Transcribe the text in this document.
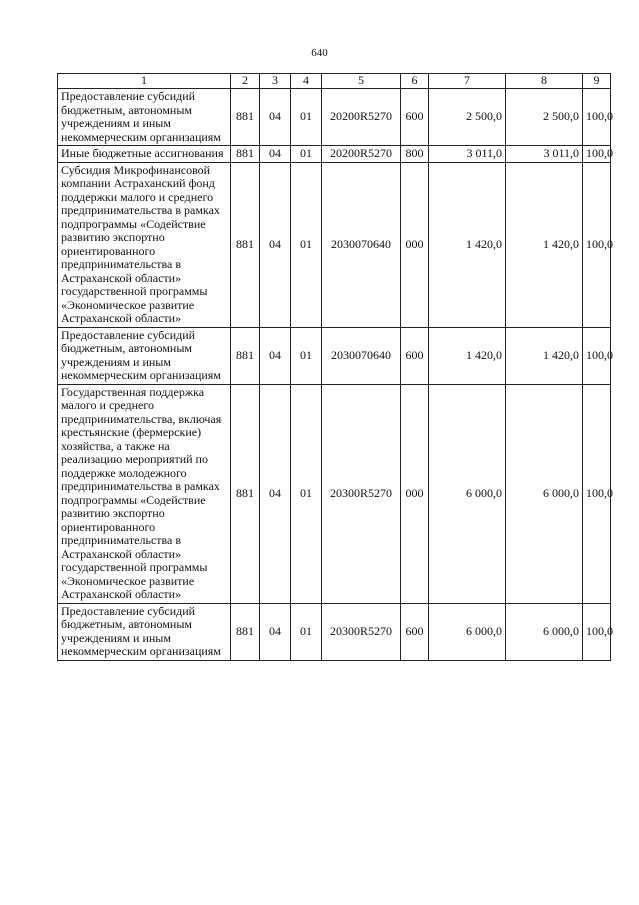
640
1	2	3	4	5	6	7	8	9
Предоставление субсидий бюджетным, автономным учреждениям и иным некоммерческим организациям	881	04	01	20200R5270	600	2 500,0	2 500,0	100,0
Иные бюджетные ассигнования	881	04	01	20200R5270	800	3 011,0	3 011,0	100,0
Субсидия Микрофинансовой компании Астраханский фонд поддержки малого и среднего предпринимательства в рамках подпрограммы «Содействие развитию экспортно ориентированного предпринимательства в Астраханской области» государственной программы «Экономическое развитие Астраханской области»	881	04	01	2030070640	000	1 420,0	1 420,0	100,0
Предоставление субсидий бюджетным, автономным учреждениям и иным некоммерческим организациям	881	04	01	2030070640	600	1 420,0	1 420,0	100,0
Государственная поддержка малого и среднего предпринимательства, включая крестьянские (фермерские) хозяйства, а также на реализацию мероприятий по поддержке молодежного предпринимательства в рамках подпрограммы «Содействие развитию экспортно ориентированного предпринимательства в Астраханской области» государственной программы «Экономическое развитие Астраханской области»	881	04	01	20300R5270	000	6 000,0	6 000,0	100,0
Предоставление субсидий бюджетным, автономным учреждениям и иным некоммерческим организациям	881	04	01	20300R5270	600	6 000,0	6 000,0	100,0
